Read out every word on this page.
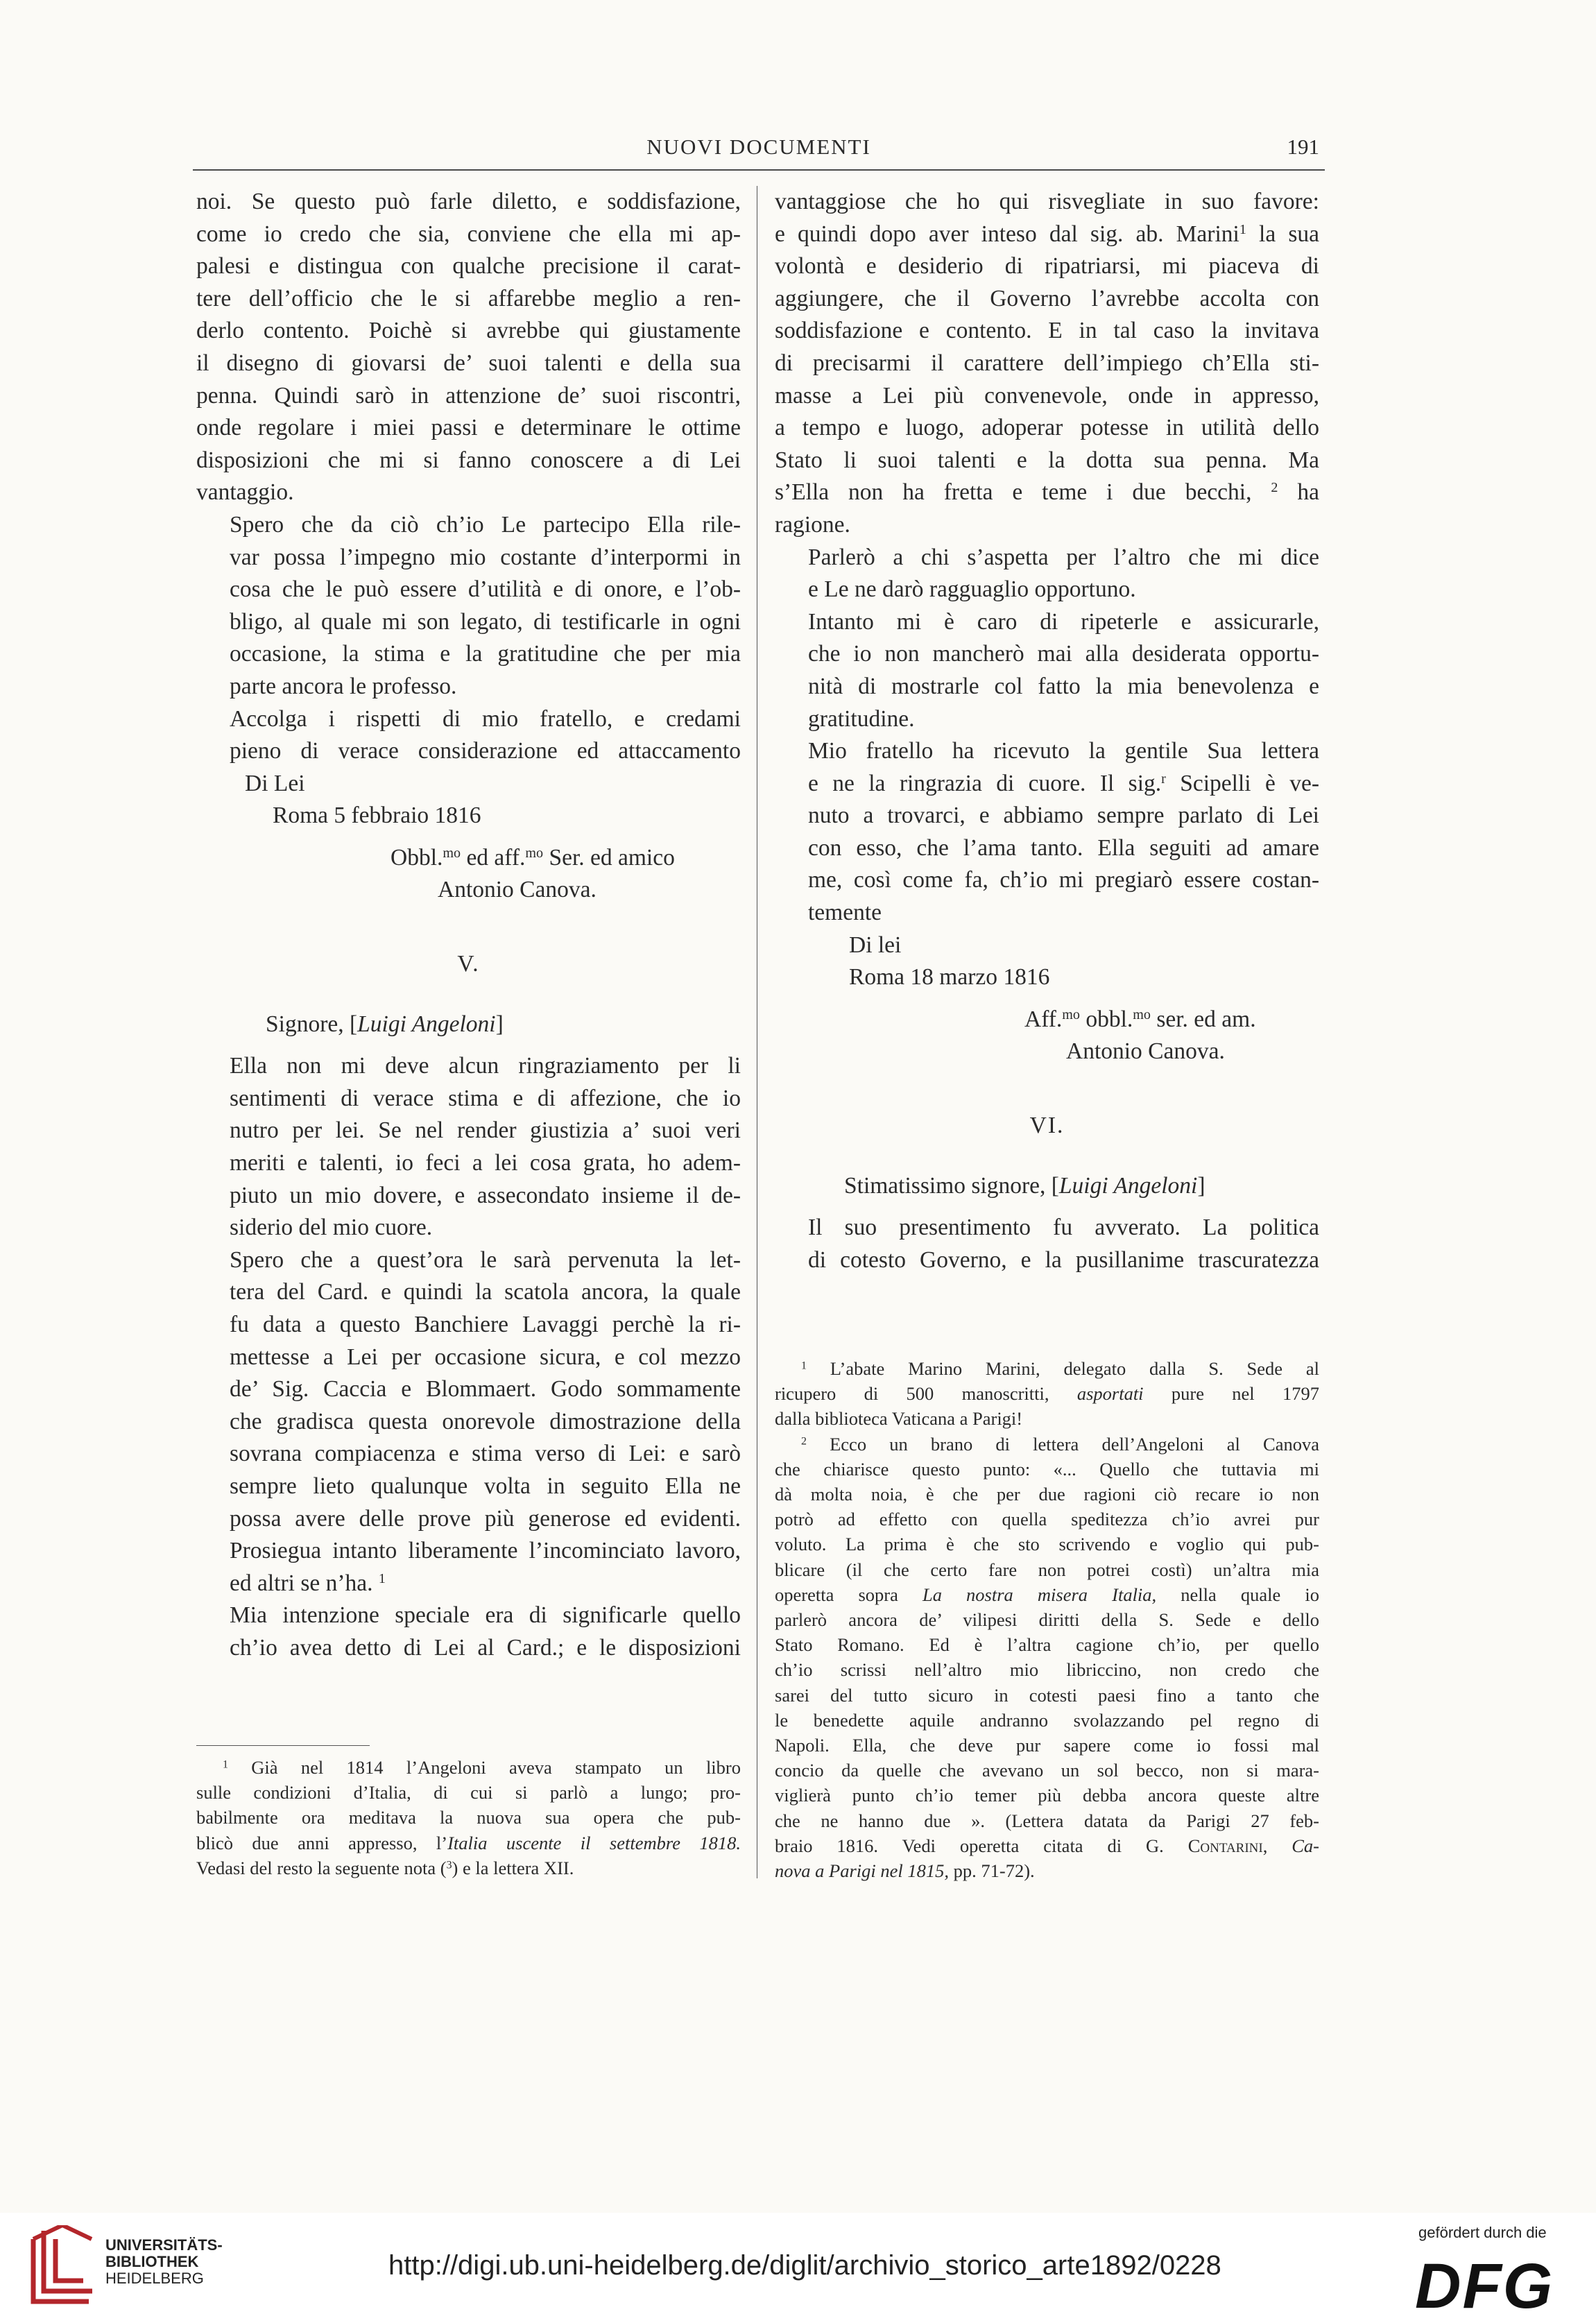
NUOVI DOCUMENTI	191

noi. Se questo può farle diletto, e soddisfazione,
come io credo che sia, conviene che ella mi ap-
palesi e distingua con qualche precisione il carat-
tere dell’officio che le si affarebbe meglio a ren-
derlo contento. Poichè si avrebbe qui giustamente
il disegno di giovarsi de’ suoi talenti e della sua
penna. Quindi sarò in attenzione de’ suoi riscontri,
onde regolare i miei passi e determinare le ottime
disposizioni che mi si fanno conoscere a di Lei
vantaggio.

Spero che da ciò ch’io Le partecipo Ella rile-
var possa l’impegno mio costante d’interpormi in
cosa che le può essere d’utilità e di onore, e l’ob-
bligo, al quale mi son legato, di testificarle in ogni
occasione, la stima e la gratitudine che per mia
parte ancora le professo.

Accolga i rispetti di mio fratello, e credami
pieno di verace considerazione ed attaccamento

Di Lei

Roma 5 febbraio 1816

Obbl.$^{mo}$ ed aff.$^{mo}$ Ser. ed amico

Antonio Canova.

V.

Signore, [Luigi Angeloni]

Ella non mi deve alcun ringraziamento per li
sentimenti di verace stima e di affezione, che io
nutro per lei. Se nel render giustizia a’ suoi veri
meriti e talenti, io feci a lei cosa grata, ho adem-
piuto un mio dovere, e assecondato insieme il de-
siderio del mio cuore.

Spero che a quest’ora le sarà pervenuta la let-
tera del Card. e quindi la scatola ancora, la quale
fu data a questo Banchiere Lavaggi perchè la ri-
mettesse a Lei per occasione sicura, e col mezzo
de’ Sig. Caccia e Blommaert. Godo sommamente
che gradisca questa onorevole dimostrazione della
sovrana compiacenza e stima verso di Lei: e sarò
sempre lieto qualunque volta in seguito Ella ne
possa avere delle prove più generose ed evidenti.
Prosiegua intanto liberamente l’incominciato lavoro,
ed altri se n’ha. $^1$

Mia intenzione speciale era di significarle quello
ch’io avea detto di Lei al Card.; e le disposizioni

vantaggiose che ho qui risvegliate in suo favore:
e quindi dopo aver inteso dal sig. ab. Marini$^1$ la sua
volontà e desiderio di ripatriarsi, mi piaceva di
aggiungere, che il Governo l’avrebbe accolta con
soddisfazione e contento. E in tal caso la invitava
di precisarmi il carattere dell’impiego ch’Ella sti-
masse a Lei più convenevole, onde in appresso,
a tempo e luogo, adoperar potesse in utilità dello
Stato li suoi talenti e la dotta sua penna. Ma
s’Ella non ha fretta e teme i due becchi, $^2$ ha
ragione.

Parlerò a chi s’aspetta per l’altro che mi dice
e Le ne darò ragguaglio opportuno.

Intanto mi è caro di ripeterle e assicurarle,
che io non mancherò mai alla desiderata opportu-
nità di mostrarle col fatto la mia benevolenza e
gratitudine.

Mio fratello ha ricevuto la gentile Sua lettera
e ne la ringrazia di cuore. Il sig.$^r$ Scipelli è ve-
nuto a trovarci, e abbiamo sempre parlato di Lei
con esso, che l’ama tanto. Ella seguiti ad amare
me, così come fa, ch’io mi pregiarò essere costan-
temente

Di lei

Roma 18 marzo 1816

Aff.$^{mo}$ obbl.$^{mo}$ ser. ed am.

Antonio Canova.

VI.

Stimatissimo signore, [Luigi Angeloni]

Il suo presentimento fu avverato. La politica
di cotesto Governo, e la pusillanime trascuratezza

$^1$ Già nel 1814 l’Angeloni aveva stampato un libro

sulle condizioni d’Italia, di cui si parlò a lungo; pro-
babilmente ora meditava la nuova sua opera che pub-
blicò due anni appresso, l’Italia uscente il settembre 1818.
Vedasi del resto la seguente nota ($^3$) e la lettera XII.

$^1$ L’abate Marino Marini, delegato dalla S. Sede al

ricupero di 500 manoscritti, asportati pure nel 1797
dalla biblioteca Vaticana a Parigi!

$^2$ Ecco un brano di lettera dell’Angeloni al Canova

che chiarisce questo punto: «... Quello che tuttavia mi
dà molta noia, è che per due ragioni ciò recare io non
potrò ad effetto con quella speditezza ch’io avrei pur
voluto. La prima è che sto scrivendo e voglio qui pub-
blicare (il che certo fare non potrei costì) un’altra mia
operetta sopra La nostra misera Italia, nella quale io
parlerò ancora de’ vilipesi diritti della S. Sede e dello
Stato Romano. Ed è l’altra cagione ch’io, per quello
ch’io scrissi nell’altro mio libriccino, non credo che
sarei del tutto sicuro in cotesti paesi fino a tanto che
le benedette aquile andranno svolazzando pel regno di
Napoli. Ella, che deve pur sapere come io fossi mal
concio da quelle che avevano un sol becco, non si mara-
viglierà punto ch’io temer più debba ancora queste altre
che ne hanno due ». (Lettera datata da Parigi 27 feb-
braio 1816. Vedi operetta citata di G. Contarini, Ca-
nova a Parigi nel 1815, pp. 71-72).

UNIVERSITÄTS-
BIBLIOTHEK
HEIDELBERG	http://digi.ub.uni-heidelberg.de/diglit/archivio_storico_arte1892/0228
gefördert durch die
DFG
